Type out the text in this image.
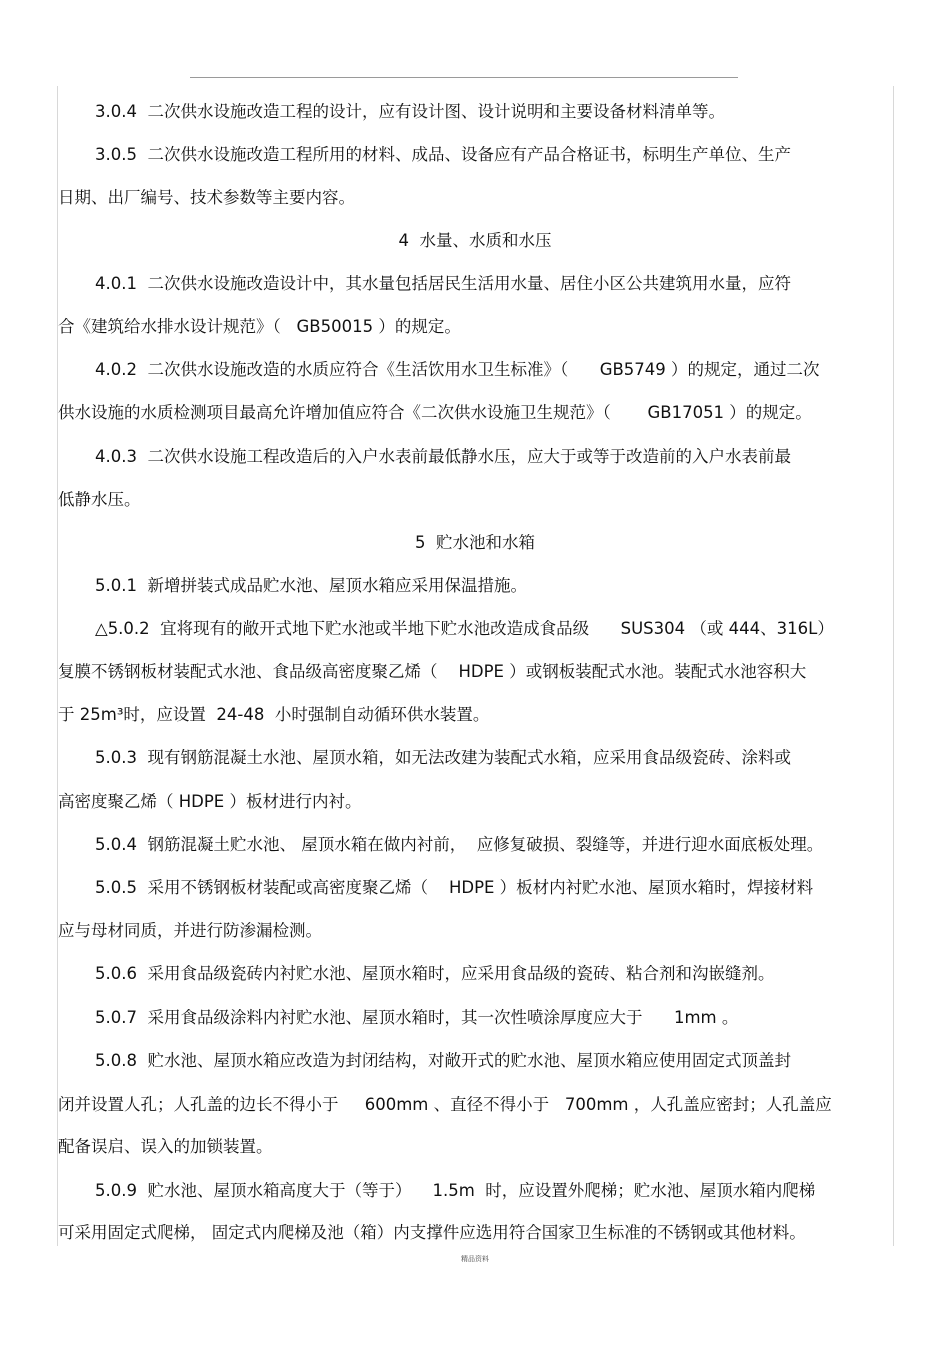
3.0.4  二次供水设施改造工程的设计，应有设计图、设计说明和主要设备材料清单等。
3.0.5  二次供水设施改造工程所用的材料、成品、设备应有产品合格证书，标明生产单位、生产
日期、出厂编号、技术参数等主要内容。
4  水量、水质和水压
4.0.1  二次供水设施改造设计中，其水量包括居民生活用水量、居住小区公共建筑用水量，应符
合《建筑给水排水设计规范》（   GB50015 ）的规定。
4.0.2  二次供水设施改造的水质应符合《生活饮用水卫生标准》（      GB5749 ）的规定，通过二次
供水设施的水质检测项目最高允许增加值应符合《二次供水设施卫生规范》（       GB17051 ）的规定。
4.0.3  二次供水设施工程改造后的入户水表前最低静水压，应大于或等于改造前的入户水表前最
低静水压。
5  贮水池和水箱
5.0.1  新增拼装式成品贮水池、屋顶水箱应采用保温措施。
△5.0.2  宜将现有的敞开式地下贮水池或半地下贮水池改造成食品级      SUS304 （或 444、316L）
复膜不锈钢板材装配式水池、食品级高密度聚乙烯（    HDPE ）或钢板装配式水池。装配式水池容积大
于 25m³时，应设置  24-48  小时强制自动循环供水装置。
5.0.3  现有钢筋混凝土水池、屋顶水箱，如无法改建为装配式水箱，应采用食品级瓷砖、涂料或
高密度聚乙烯（ HDPE ）板材进行内衬。
5.0.4  钢筋混凝土贮水池、 屋顶水箱在做内衬前，  应修复破损、裂缝等，并进行迎水面底板处理。
5.0.5  采用不锈钢板材装配或高密度聚乙烯（    HDPE ）板材内衬贮水池、屋顶水箱时，焊接材料
应与母材同质，并进行防渗漏检测。
5.0.6  采用食品级瓷砖内衬贮水池、屋顶水箱时，应采用食品级的瓷砖、粘合剂和沟嵌缝剂。
5.0.7  采用食品级涂料内衬贮水池、屋顶水箱时，其一次性喷涂厚度应大于      1mm 。
5.0.8  贮水池、屋顶水箱应改造为封闭结构，对敞开式的贮水池、屋顶水箱应使用固定式顶盖封
闭并设置人孔；人孔盖的边长不得小于     600mm 、直径不得小于   700mm ，人孔盖应密封；人孔盖应
配备误启、误入的加锁装置。
5.0.9  贮水池、屋顶水箱高度大于（等于）    1.5m  时，应设置外爬梯；贮水池、屋顶水箱内爬梯
可采用固定式爬梯， 固定式内爬梯及池（箱）内支撑件应选用符合国家卫生标准的不锈钢或其他材料。
精品资料
